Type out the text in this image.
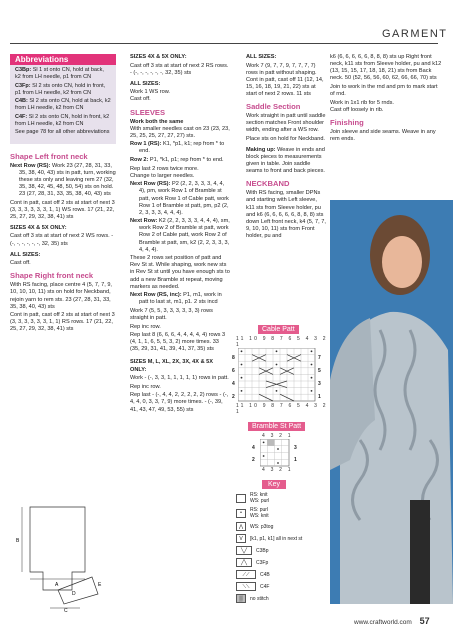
GARMENT
Abbreviations

C3Bp: Sl 1 st onto CN, hold at back, k2 from LH needle, p1 from CN

C3Fp: Sl 2 sts onto CN, hold in front, p1 from LH needle, k2 from CN

C4B: Sl 2 sts onto CN, hold at back, k2 from LH needle, k2 from CN

C4F: Sl 2 sts onto CN, hold in front, k2 from LH needle, k2 from CN

See page 78 for all other abbreviations

Shape Left front neck

Next Row (RS): Work 23 (27, 28, 31, 33, 35, 38, 40, 43) sts in patt, turn, working these sts only and leaving rem 27 (32, 35, 38, 42, 45, 48, 50, 54) sts on hold. 23 (27, 28, 31, 33, 35, 38, 40, 43) sts

Cont in patt, cast off 2 sts at start of next 3 (3, 3, 3, 3, 3, 3, 1, 1) WS rows. 17 (21, 22, 25, 27, 29, 32, 38, 41) sts

SIZES 4X & 5X ONLY:

Cast off 3 sts at start of next 2 WS rows. - (-, -, -, -, -, -, 32, 35) sts

ALL SIZES:

Cast off.

Shape Right front neck

With RS facing, place centre 4 (5, 7, 7, 9, 10, 10, 10, 11) sts on hold for Neckband, rejoin yarn to rem sts. 23 (27, 28, 31, 33, 35, 38, 40, 43) sts

Cont in patt, cast off 2 sts at start of next 3 (3, 3, 3, 3, 3, 3, 1, 1) RS rows. 17 (21, 22, 25, 27, 29, 32, 38, 41) sts

B
A
D
E
C

SIZES 4X & 5X ONLY:

Cast off 3 sts at start of next 2 RS rows. - (-, -, -, -, -, -, 32, 35) sts

ALL SIZES:

Work 1 WS row.

Cast off.

SLEEVES

Work both the same

With smaller needles cast on 23 (23, 23, 25, 25, 25, 27, 27, 27) sts.

Row 1 (RS): K1, *p1, k1; rep from * to end.

Row 2: P1, *k1, p1; rep from * to end.

Rep last 2 rows twice more.

Change to larger needles.

Next Row (RS): P2 (2, 2, 3, 3, 3, 4, 4, 4), pm, work Row 1 of Bramble st patt, work Row 1 of Cable patt, work Row 1 of Bramble st patt, pm, p2 (2, 2, 3, 3, 3, 4, 4, 4).

Next Row: K2 (2, 2, 3, 3, 3, 4, 4, 4), sm, work Row 2 of Bramble st patt, work Row 2 of Cable patt, work Row 2 of Bramble st patt, sm, k2 (2, 2, 3, 3, 3, 4, 4, 4).

These 2 rows set position of patt and Rev St st. While shaping, work new sts in Rev St st until you have enough sts to add a new Bramble st repeat, moving markers as needed.

Next Row (RS, inc): P1, m1, work in patt to last st, m1, p1. 2 sts incd

Work 7 (5, 5, 3, 3, 3, 3, 3, 3) rows straight in patt.

Rep inc row.

Rep last 8 (6, 6, 6, 4, 4, 4, 4, 4) rows 3 (4, 1, 1, 6, 5, 5, 3, 2) more times. 33 (35, 29, 31, 41, 39, 41, 37, 35) sts

SIZES M, L, XL, 2X, 3X, 4X & 5X ONLY:

Work - (-, 3, 3, 1, 1, 1, 1, 1) rows in patt.

Rep inc row.

Rep last - (-, 4, 4, 2, 2, 2, 2, 2) rows - (-, 4, 4, 0, 3, 3, 7, 9) more times. - (-, 39, 41, 43, 47, 49, 53, 55) sts

ALL SIZES:

Work 7 (9, 7, 7, 9, 7, 7, 7, 7) rows in patt without shaping. Cont in patt, cast off 11 (12, 14, 15, 16, 18, 19, 21, 22) sts at start of next 2 rows. 11 sts

Saddle Section

Work straight in patt until saddle section matches Front shoulder width, ending after a WS row.

Place sts on hold for Neckband.

Making up: Weave in ends and block pieces to measurements given in table. Join saddle seams to front and back pieces.

NECKBAND

With RS facing, smaller DPNs and starting with Left sleeve, k11 sts from Sleeve holder, pu and k6 (6, 6, 6, 6, 6, 8, 8, 8) sts down Left front neck, k4 (5, 7, 7, 9, 10, 10, 11) sts from Front holder, pu and

Cable Patt
11 10 9 8 7 6 5 4 3 2 1
8
6
4
2
7
5
3
1
11 10 9 8 7 6 5 4 3 2 1
Bramble St Patt
4 3 2 1
4
2
3
1
4 3 2 1
Key
RS: knit
WS: purl
•	RS: purl
WS: knit
⋀	WS: p3tog
V	[k1, p1, k1] all in next st
╲╱	C3Bp
╱╲	C3Fp
⟋⟋	C4B
⟍⟍	C4F
▒	no stitch

k6 (6, 6, 6, 6, 6, 8, 8, 8) sts up Right front neck, k11 sts from Sleeve holder, pu and k12 (13, 15, 15, 17, 18, 18, 21) sts from Back neck. 50 (52, 56, 56, 60, 62, 66, 66, 70) sts

Join to work in the rnd and pm to mark start of rnd.

Work in 1x1 rib for 5 rnds.

Cast off loosely in rib.

Finishing

Join sleeve and side seams. Weave in any rem ends.

www.craftworld.com 57
